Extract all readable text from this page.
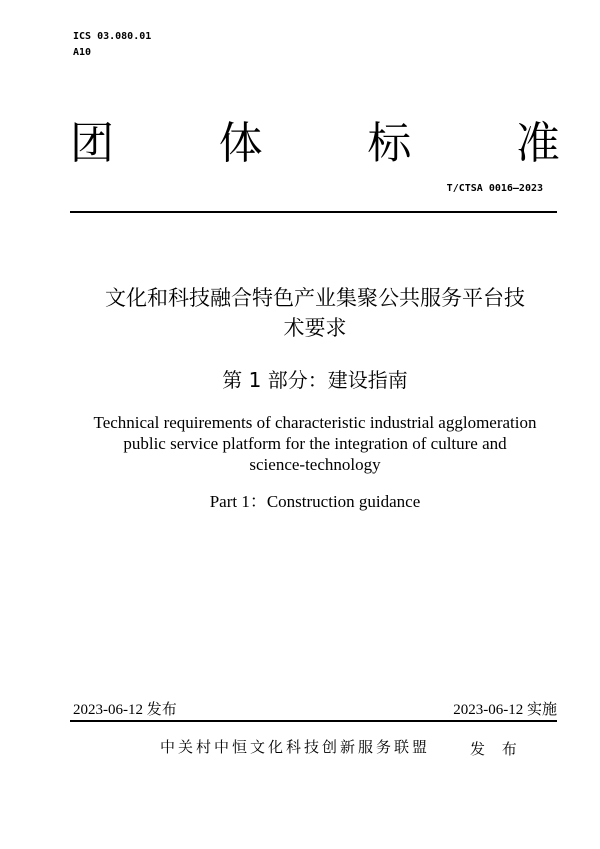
ICS 03.080.01
A10
团 体 标 准
T/CTSA 0016—2023
文化和科技融合特色产业集聚公共服务平台技
术要求
第 1 部分：建设指南
Technical requirements of characteristic industrial agglomeration
public service platform for the integration of culture and
science-technology
Part 1：Construction guidance
2023-06-12 发布	2023-06-12 实施
中关村中恒文化科技创新服务联盟	发 布
